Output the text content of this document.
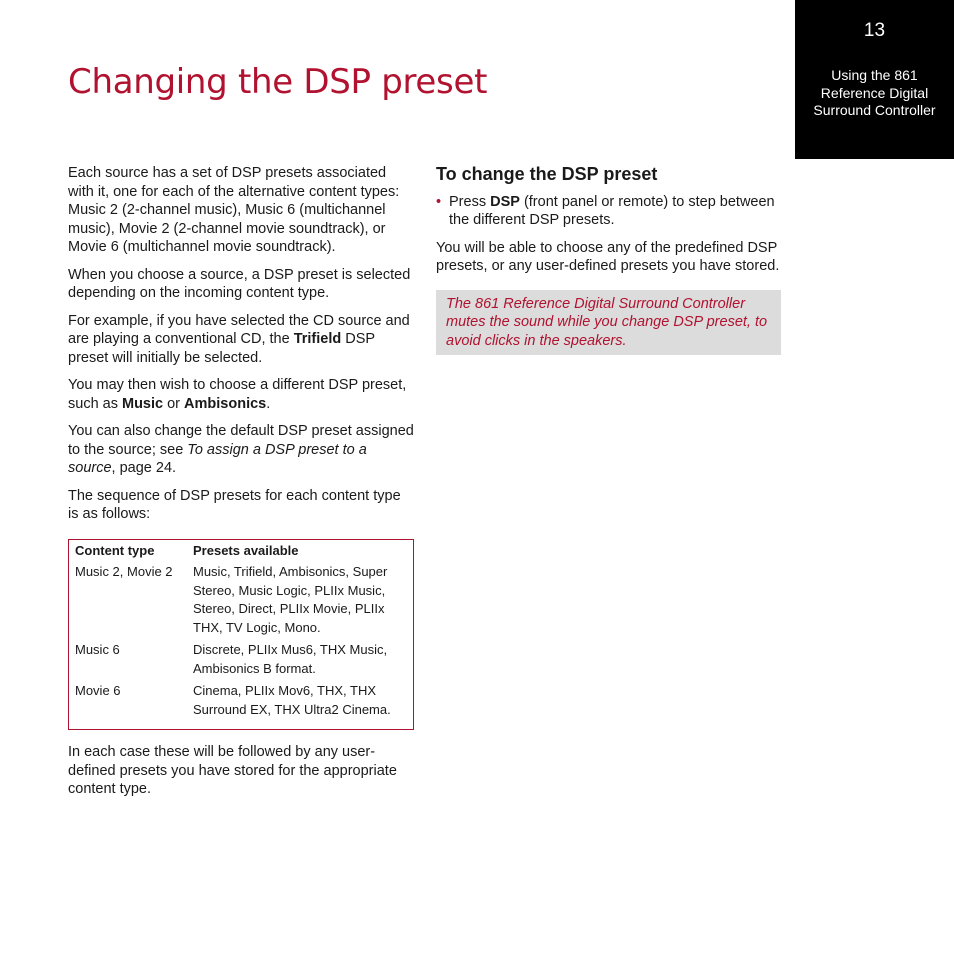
13
Using the 861
Reference Digital
Surround Controller
Changing the DSP preset

Each source has a set of DSP presets associated with it, one for each of the alternative content types: Music 2 (2-channel music), Music 6 (multichannel music), Movie 2 (2-channel movie soundtrack), or Movie 6 (multichannel movie soundtrack).

When you choose a source, a DSP preset is selected depending on the incoming content type.

For example, if you have selected the CD source and are playing a conventional CD, the Trifield DSP preset will initially be selected.

You may then wish to choose a different DSP preset, such as Music or Ambisonics.

You can also change the default DSP preset assigned to the source; see To assign a DSP preset to a source, page 24.

The sequence of DSP presets for each content type is as follows:

Content type	Presets available
Music 2, Movie 2	Music, Trifield, Ambisonics, Super Stereo, Music Logic, PLIIx Music, Stereo, Direct, PLIIx Movie, PLIIx THX, TV Logic, Mono.
Music 6	Discrete, PLIIx Mus6, THX Music, Ambisonics B format.
Movie 6	Cinema, PLIIx Mov6, THX, THX Surround EX, THX Ultra2 Cinema.

In each case these will be followed by any user-defined presets you have stored for the appropriate content type.

To change the DSP preset
• Press DSP (front panel or remote) to step between the different DSP presets.

You will be able to choose any of the predefined DSP presets, or any user-defined presets you have stored.

The 861 Reference Digital Surround Controller mutes the sound while you change DSP preset, to avoid clicks in the speakers.
